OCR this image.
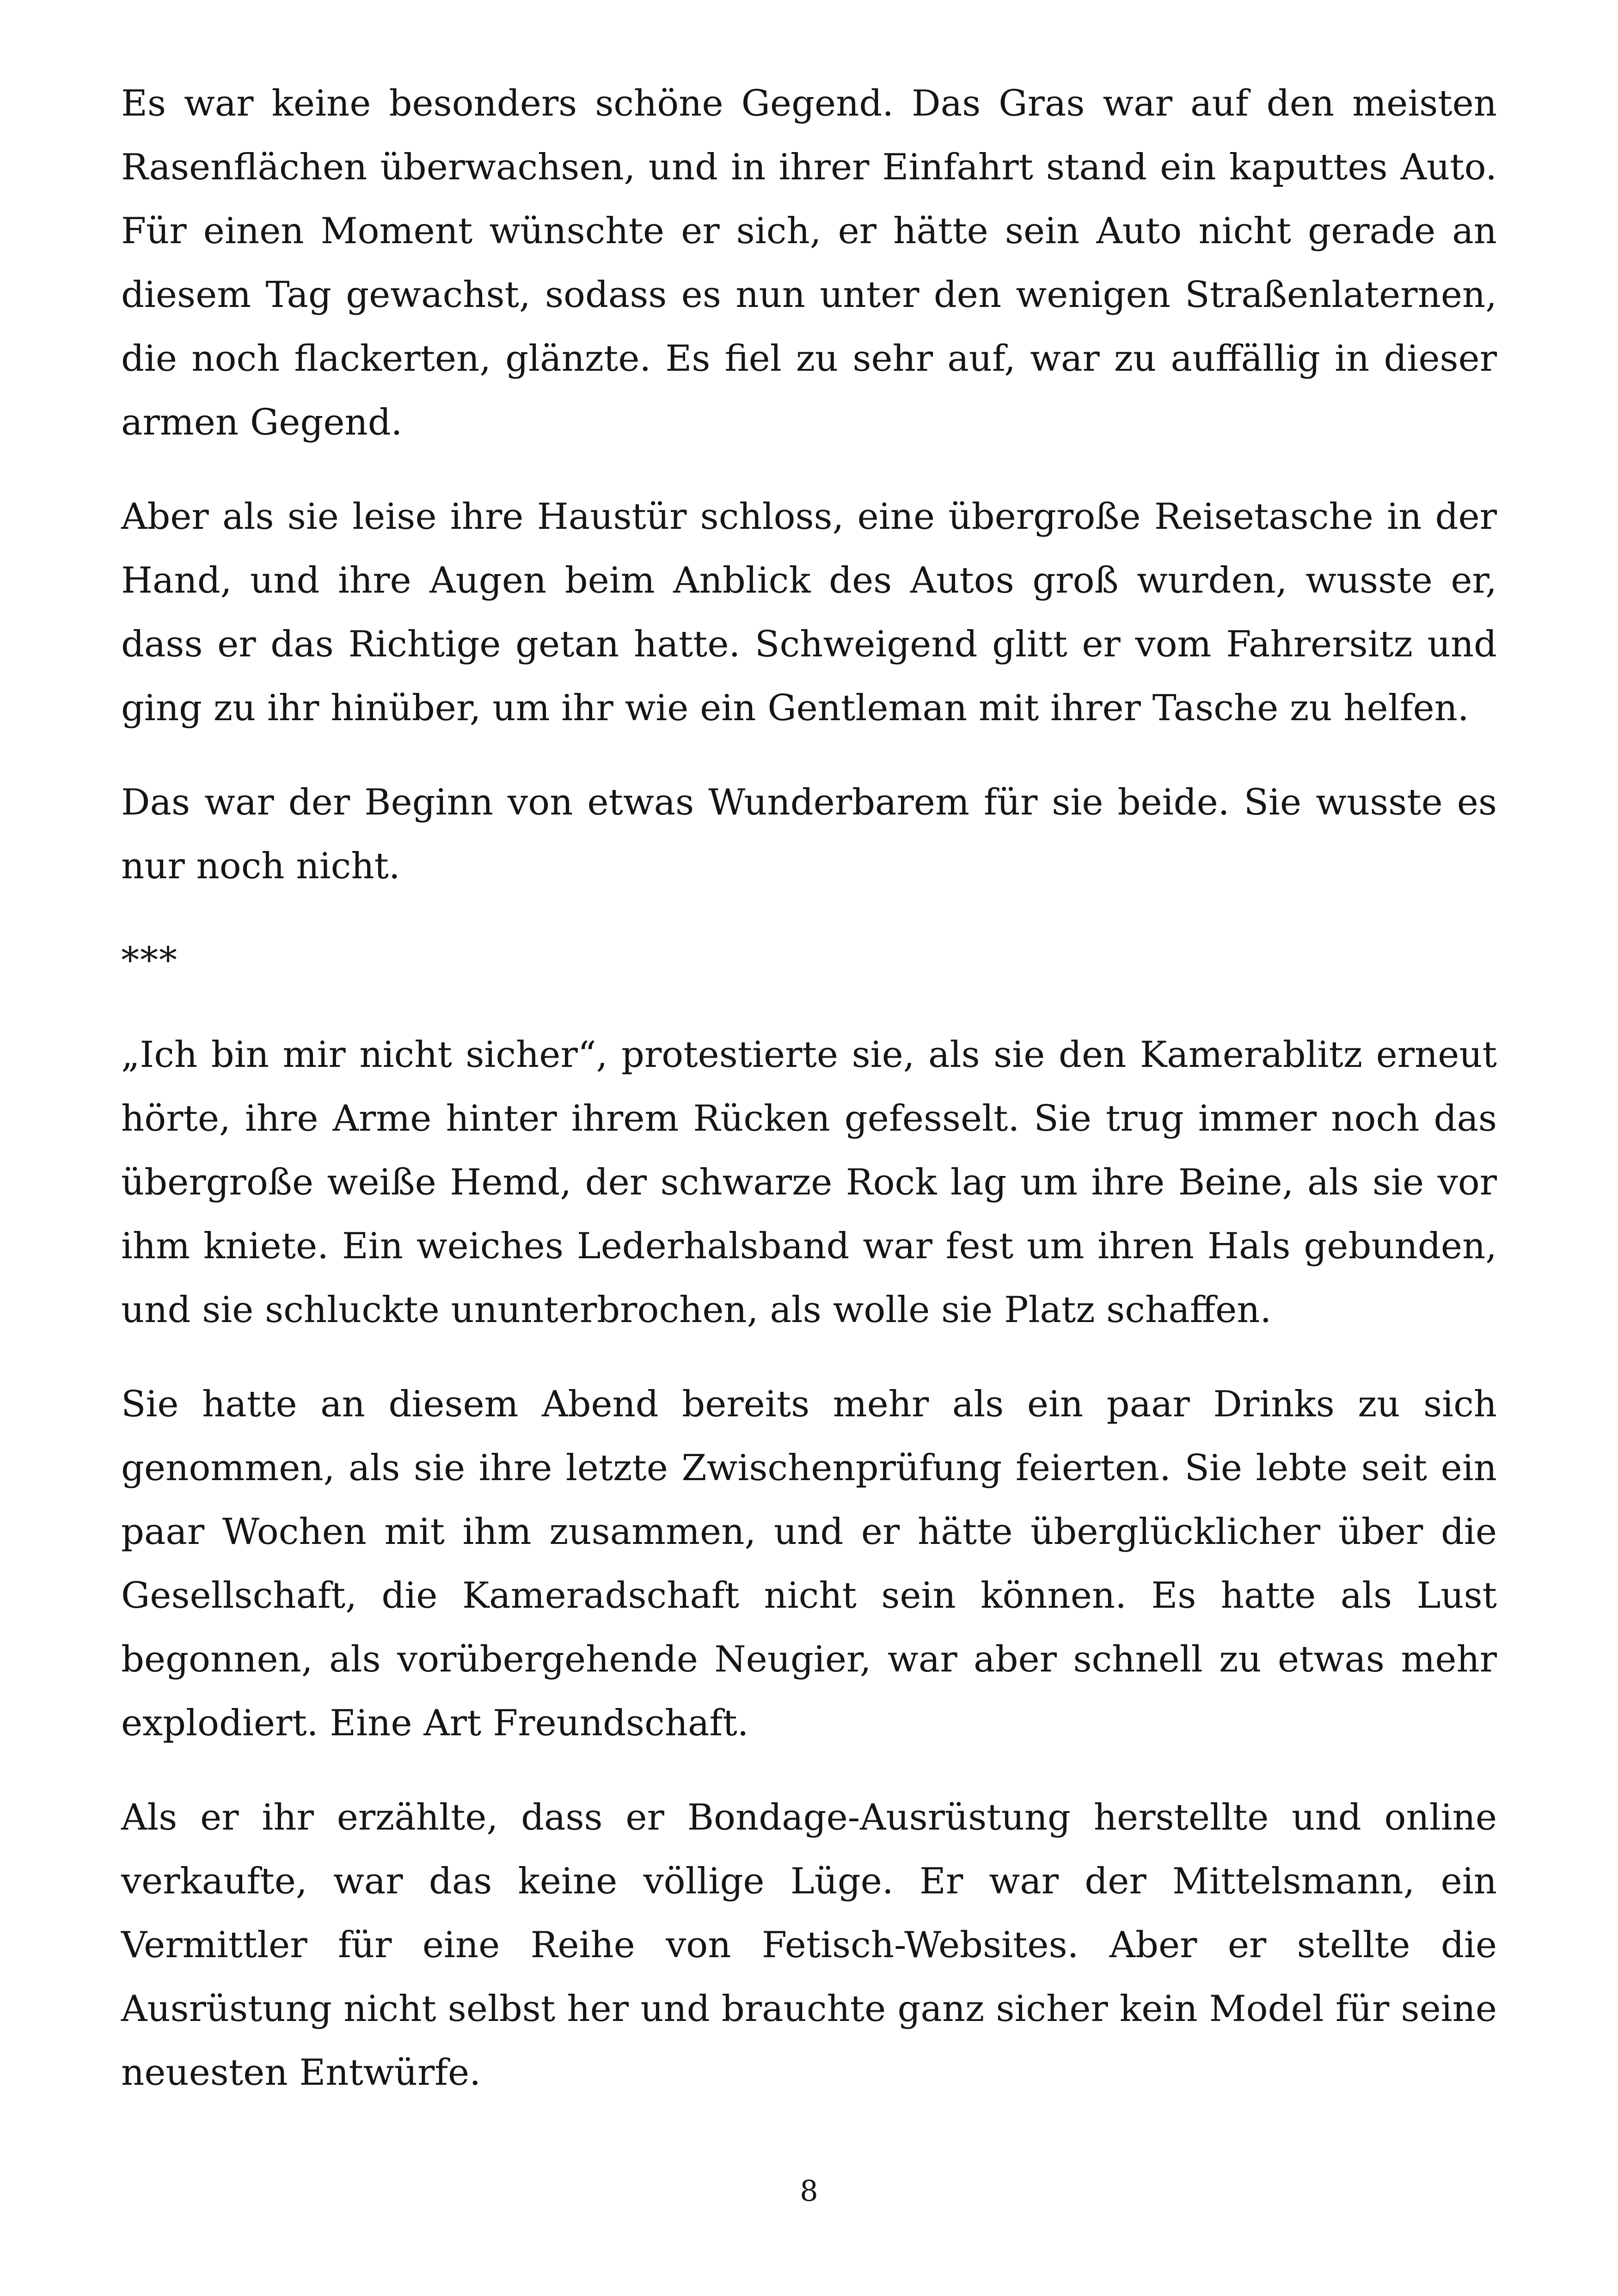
Es war keine besonders schöne Gegend. Das Gras war auf den meisten Rasenflächen überwachsen, und in ihrer Einfahrt stand ein kaputtes Auto. Für einen Moment wünschte er sich, er hätte sein Auto nicht gerade an diesem Tag gewachst, sodass es nun unter den wenigen Straßenlaternen, die noch flackerten, glänzte. Es fiel zu sehr auf, war zu auffällig in dieser armen Gegend.

Aber als sie leise ihre Haustür schloss, eine übergroße Reisetasche in der Hand, und ihre Augen beim Anblick des Autos groß wurden, wusste er, dass er das Richtige getan hatte. Schweigend glitt er vom Fahrersitz und ging zu ihr hinüber, um ihr wie ein Gentleman mit ihrer Tasche zu helfen.

Das war der Beginn von etwas Wunderbarem für sie beide. Sie wusste es nur noch nicht.

***

„Ich bin mir nicht sicher“, protestierte sie, als sie den Kamerablitz erneut hörte, ihre Arme hinter ihrem Rücken gefesselt. Sie trug immer noch das übergroße weiße Hemd, der schwarze Rock lag um ihre Beine, als sie vor ihm kniete. Ein weiches Lederhalsband war fest um ihren Hals gebunden, und sie schluckte ununterbrochen, als wolle sie Platz schaffen.

Sie hatte an diesem Abend bereits mehr als ein paar Drinks zu sich genommen, als sie ihre letzte Zwischenprüfung feierten. Sie lebte seit ein paar Wochen mit ihm zusammen, und er hätte überglücklicher über die Gesellschaft, die Kameradschaft nicht sein können. Es hatte als Lust begonnen, als vorübergehende Neugier, war aber schnell zu etwas mehr explodiert. Eine Art Freundschaft.

Als er ihr erzählte, dass er Bondage-Ausrüstung herstellte und online verkaufte, war das keine völlige Lüge. Er war der Mittelsmann, ein Vermittler für eine Reihe von Fetisch-Websites. Aber er stellte die Ausrüstung nicht selbst her und brauchte ganz sicher kein Model für seine neuesten Entwürfe.

8
